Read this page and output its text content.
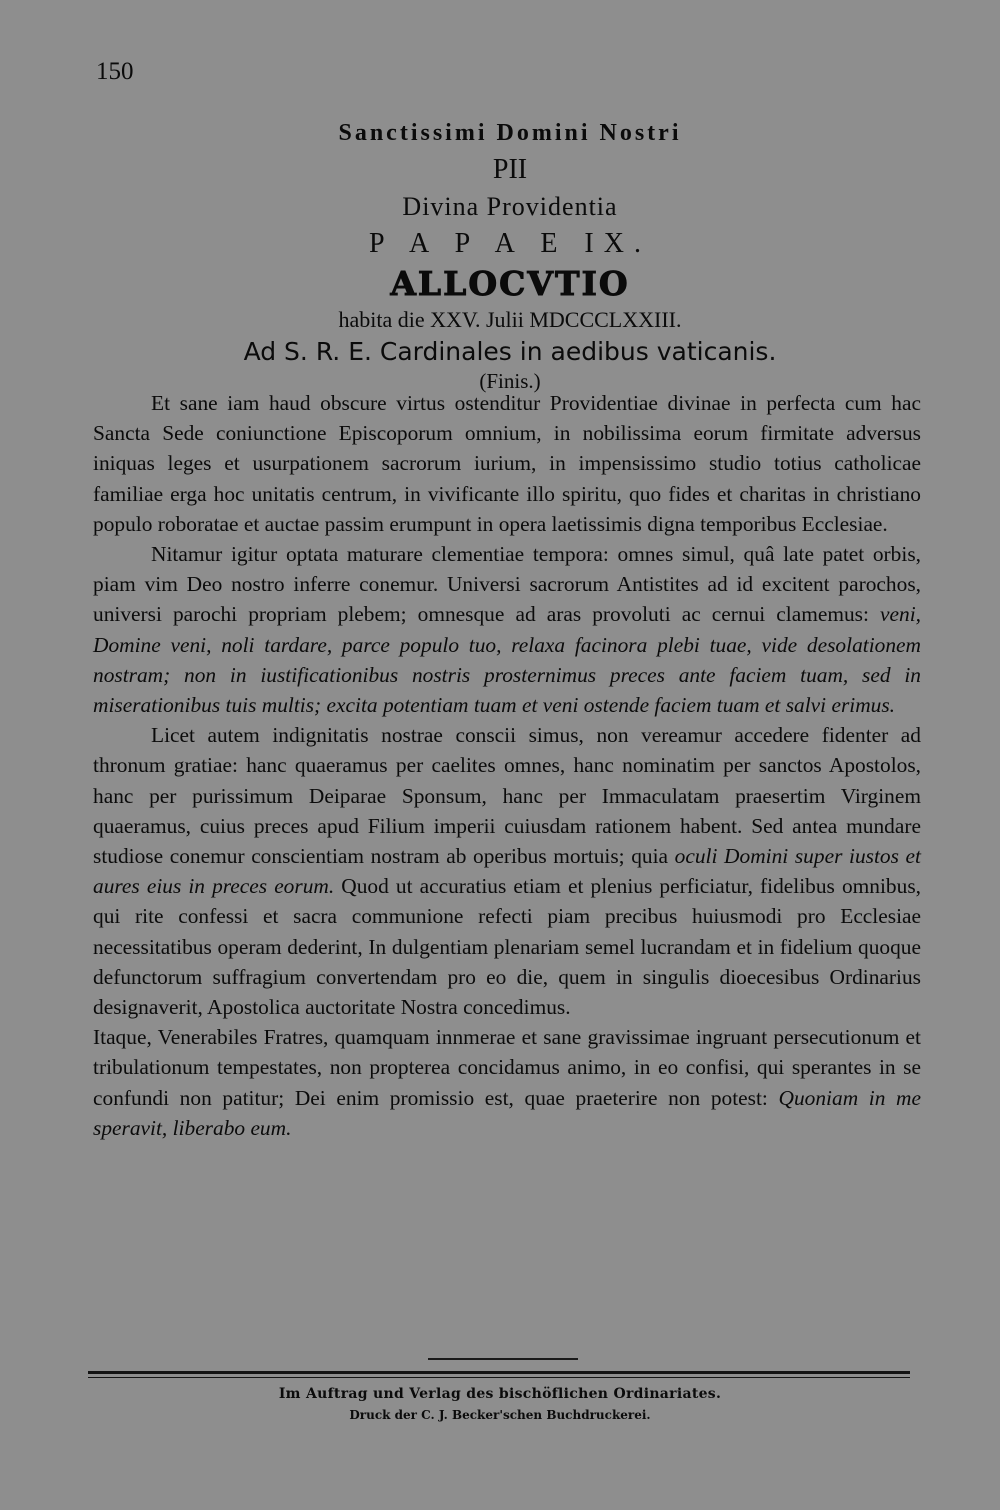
150
Sanctissimi Domini Nostri
PII
Divina Providentia
P A P A E IX.
ALLOCVTIO
habita die XXV. Julii MDCCCLXXIII.
Ad S. R. E. Cardinales in aedibus vaticanis.
(Finis.)

Et sane iam haud obscure virtus ostenditur Providentiae divinae in perfecta cum hac Sancta Sede coniunctione Episcoporum omnium, in nobilissima eorum firmitate adversus iniquas leges et usurpationem sacrorum iurium, in impensissimo studio totius catholicae familiae erga hoc unitatis centrum, in vivificante illo spiritu, quo fides et charitas in christiano populo roboratae et auctae passim erumpunt in opera laetissimis digna temporibus Ecclesiae.

Nitamur igitur optata maturare clementiae tempora: omnes simul, quâ late patet orbis, piam vim Deo nostro inferre conemur. Universi sacrorum Antistites ad id excitent parochos, universi parochi propriam plebem; omnesque ad aras provoluti ac cernui clamemus: veni, Domine veni, noli tardare, parce populo tuo, relaxa facinora plebi tuae, vide desolationem nostram; non in iustificationibus nostris prosternimus preces ante faciem tuam, sed in miserationibus tuis multis; excita potentiam tuam et veni ostende faciem tuam et salvi erimus.

Licet autem indignitatis nostrae conscii simus, non vereamur accedere fidenter ad thronum gratiae: hanc quaeramus per caelites omnes, hanc nominatim per sanctos Apostolos, hanc per purissimum Deiparae Sponsum, hanc per Immaculatam praesertim Virginem quaeramus, cuius preces apud Filium imperii cuiusdam rationem habent. Sed antea mundare studiose conemur conscientiam nostram ab operibus mortuis; quia oculi Domini super iustos et aures eius in preces eorum. Quod ut accuratius etiam et plenius perficiatur, fidelibus omnibus, qui rite confessi et sacra communione refecti piam precibus huiusmodi pro Ecclesiae necessitatibus operam dederint, In dulgentiam plenariam semel lucrandam et in fidelium quoque defunctorum suffragium convertendam pro eo die, quem in singulis dioecesibus Ordinarius designaverit, Apostolica auctoritate Nostra concedimus.

Itaque, Venerabiles Fratres, quamquam innmerae et sane gravissimae ingruant persecutionum et tribulationum tempestates, non propterea concidamus animo, in eo confisi, qui sperantes in se confundi non patitur; Dei enim promissio est, quae praeterire non potest: Quoniam in me speravit, liberabo eum.

Im Auftrag und Verlag des bischöflichen Ordinariates.
Druck der C. J. Becker'schen Buchdruckerei.
